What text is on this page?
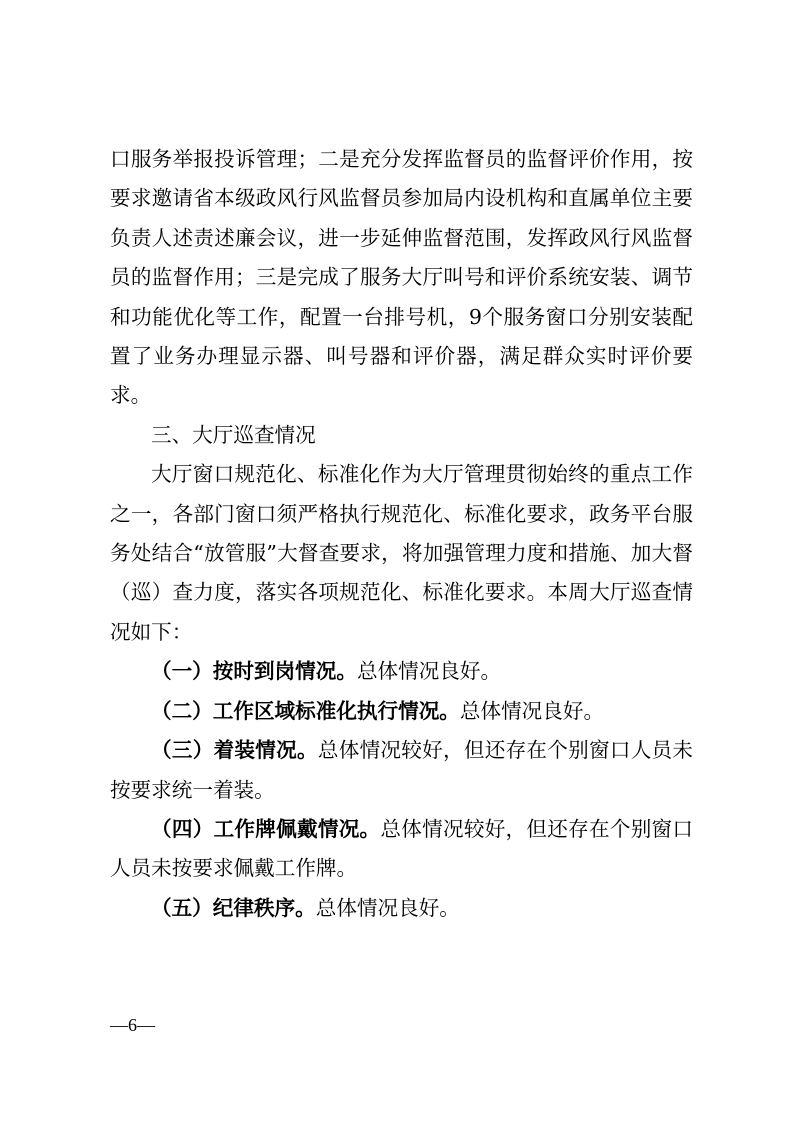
口服务举报投诉管理；二是充分发挥监督员的监督评价作用，按要求邀请省本级政风行风监督员参加局内设机构和直属单位主要负责人述责述廉会议，进一步延伸监督范围，发挥政风行风监督员的监督作用；三是完成了服务大厅叫号和评价系统安装、调节和功能优化等工作，配置一台排号机，9个服务窗口分别安装配置了业务办理显示器、叫号器和评价器，满足群众实时评价要求。

三、大厅巡查情况

大厅窗口规范化、标准化作为大厅管理贯彻始终的重点工作之一，各部门窗口须严格执行规范化、标准化要求，政务平台服务处结合“放管服”大督查要求，将加强管理力度和措施、加大督（巡）查力度，落实各项规范化、标准化要求。本周大厅巡查情况如下：

（一）按时到岗情况。总体情况良好。

（二）工作区域标准化执行情况。总体情况良好。

（三）着装情况。总体情况较好，但还存在个别窗口人员未按要求统一着装。

（四）工作牌佩戴情况。总体情况较好，但还存在个别窗口人员未按要求佩戴工作牌。

（五）纪律秩序。总体情况良好。

—6—
